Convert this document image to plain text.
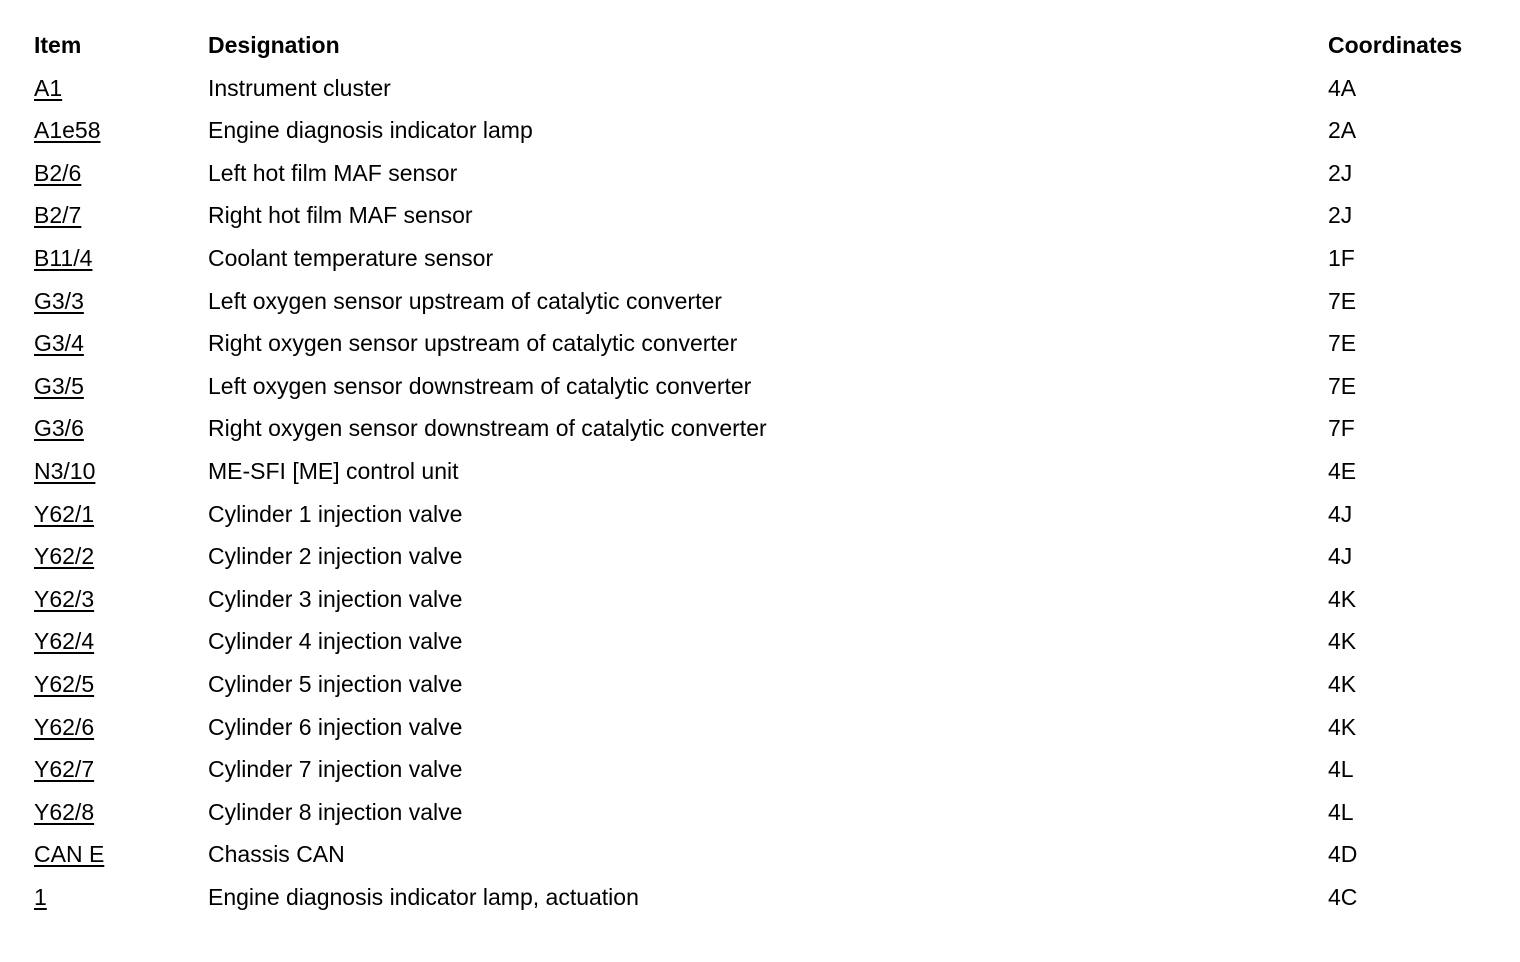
Item	Designation	Coordinates
A1	Instrument cluster	4A
A1e58	Engine diagnosis indicator lamp	2A
B2/6	Left hot film MAF sensor	2J
B2/7	Right hot film MAF sensor	2J
B11/4	Coolant temperature sensor	1F
G3/3	Left oxygen sensor upstream of catalytic converter	7E
G3/4	Right oxygen sensor upstream of catalytic converter	7E
G3/5	Left oxygen sensor downstream of catalytic converter	7E
G3/6	Right oxygen sensor downstream of catalytic converter	7F
N3/10	ME-SFI [ME] control unit	4E
Y62/1	Cylinder 1 injection valve	4J
Y62/2	Cylinder 2 injection valve	4J
Y62/3	Cylinder 3 injection valve	4K
Y62/4	Cylinder 4 injection valve	4K
Y62/5	Cylinder 5 injection valve	4K
Y62/6	Cylinder 6 injection valve	4K
Y62/7	Cylinder 7 injection valve	4L
Y62/8	Cylinder 8 injection valve	4L
CAN E	Chassis CAN	4D
1	Engine diagnosis indicator lamp, actuation	4C
